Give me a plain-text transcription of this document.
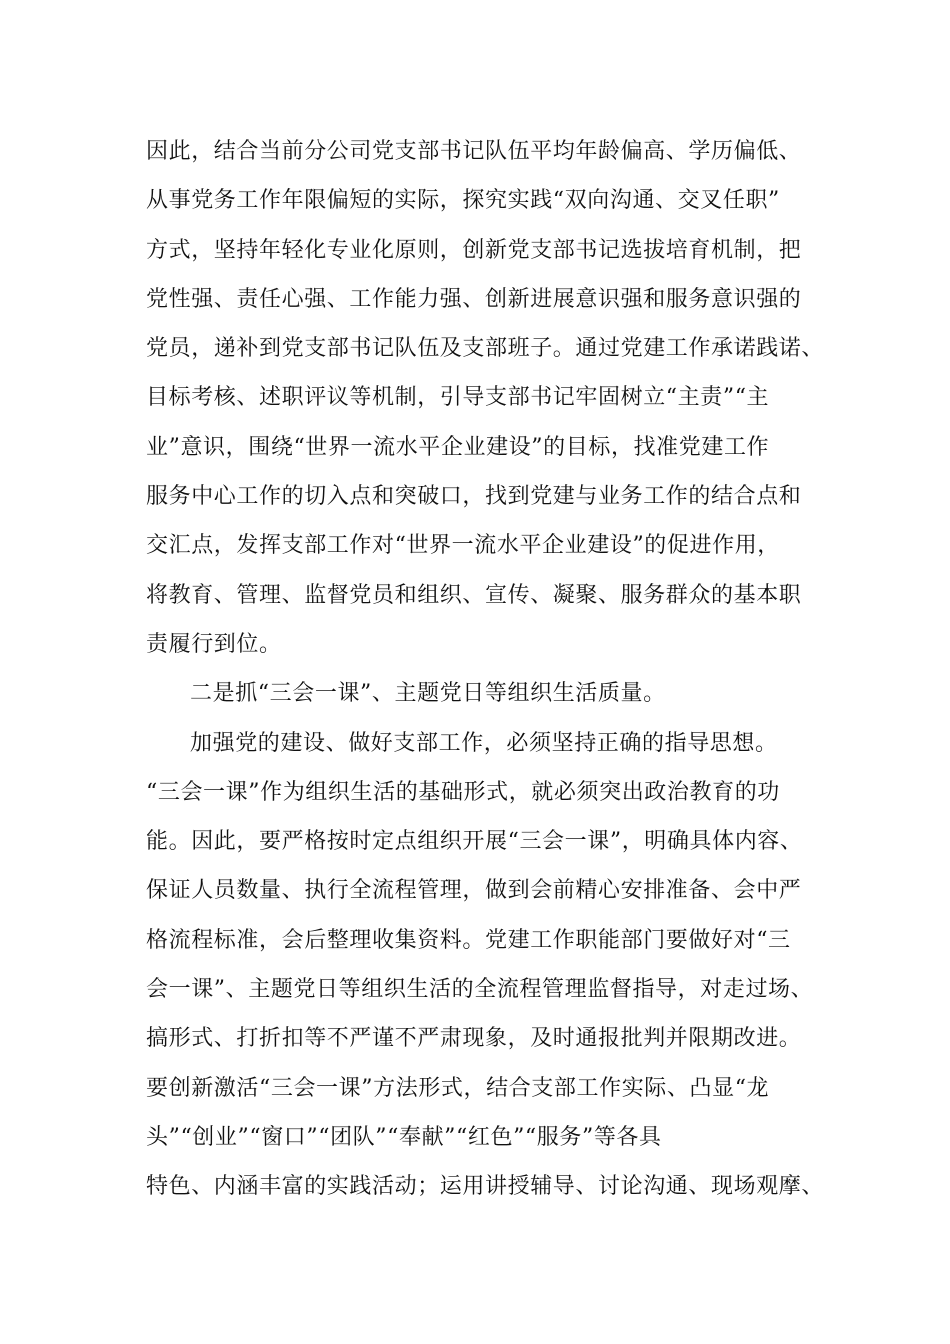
因此，结合当前分公司党支部书记队伍平均年龄偏高、学历偏低、
从事党务工作年限偏短的实际，探究实践“双向沟通、交叉任职”
方式，坚持年轻化专业化原则，创新党支部书记选拔培育机制，把
党性强、责任心强、工作能力强、创新进展意识强和服务意识强的
党员，递补到党支部书记队伍及支部班子。通过党建工作承诺践诺、
目标考核、述职评议等机制，引导支部书记牢固树立“主责”“主
业”意识，围绕“世界一流水平企业建设”的目标，找准党建工作
服务中心工作的切入点和突破口，找到党建与业务工作的结合点和
交汇点，发挥支部工作对“世界一流水平企业建设”的促进作用，
将教育、管理、监督党员和组织、宣传、凝聚、服务群众的基本职
责履行到位。
二是抓“三会一课”、主题党日等组织生活质量。
加强党的建设、做好支部工作，必须坚持正确的指导思想。
“三会一课”作为组织生活的基础形式，就必须突出政治教育的功
能。因此，要严格按时定点组织开展“三会一课”，明确具体内容、
保证人员数量、执行全流程管理，做到会前精心安排准备、会中严
格流程标准，会后整理收集资料。党建工作职能部门要做好对“三
会一课”、主题党日等组织生活的全流程管理监督指导，对走过场、
搞形式、打折扣等不严谨不严肃现象，及时通报批判并限期改进。
要创新激活“三会一课”方法形式，结合支部工作实际、凸显“龙
头”“创业”“窗口”“团队”“奉献”“红色”“服务”等各具
特色、内涵丰富的实践活动；运用讲授辅导、讨论沟通、现场观摩、
